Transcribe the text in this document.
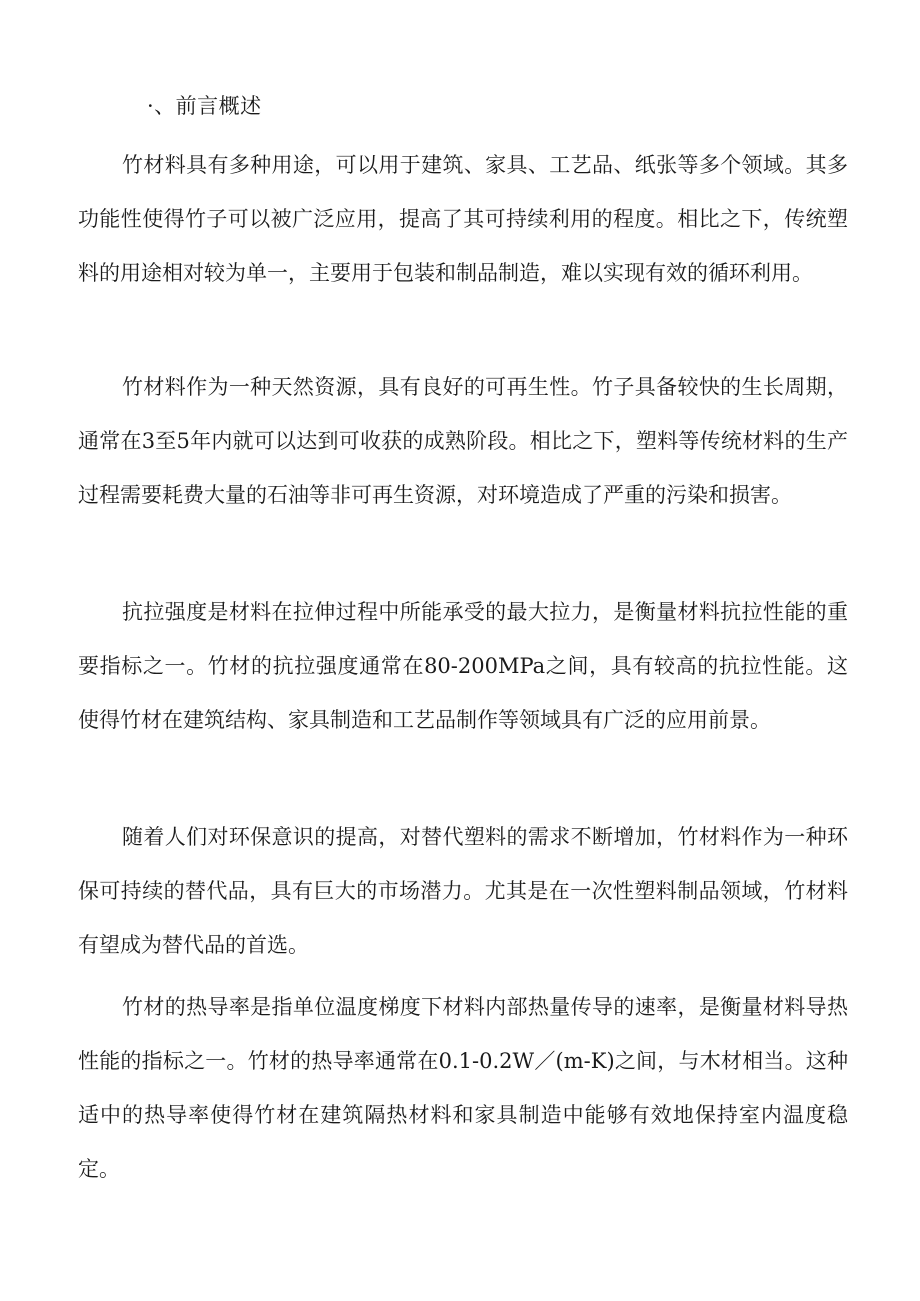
·、前言概述

竹材料具有多种用途，可以用于建筑、家具、工艺品、纸张等多个领域。其多功能性使得竹子可以被广泛应用，提高了其可持续利用的程度。相比之下，传统塑料的用途相对较为单一，主要用于包装和制品制造，难以实现有效的循环利用。

竹材料作为一种天然资源，具有良好的可再生性。竹子具备较快的生长周期，通常在3至5年内就可以达到可收获的成熟阶段。相比之下，塑料等传统材料的生产过程需要耗费大量的石油等非可再生资源，对环境造成了严重的污染和损害。

抗拉强度是材料在拉伸过程中所能承受的最大拉力，是衡量材料抗拉性能的重要指标之一。竹材的抗拉强度通常在80-200MPa之间，具有较高的抗拉性能。这使得竹材在建筑结构、家具制造和工艺品制作等领域具有广泛的应用前景。

随着人们对环保意识的提高，对替代塑料的需求不断增加，竹材料作为一种环保可持续的替代品，具有巨大的市场潜力。尤其是在一次性塑料制品领域，竹材料有望成为替代品的首选。

竹材的热导率是指单位温度梯度下材料内部热量传导的速率，是衡量材料导热性能的指标之一。竹材的热导率通常在0.1-0.2W／(m-K)之间，与木材相当。这种适中的热导率使得竹材在建筑隔热材料和家具制造中能够有效地保持室内温度稳定。
